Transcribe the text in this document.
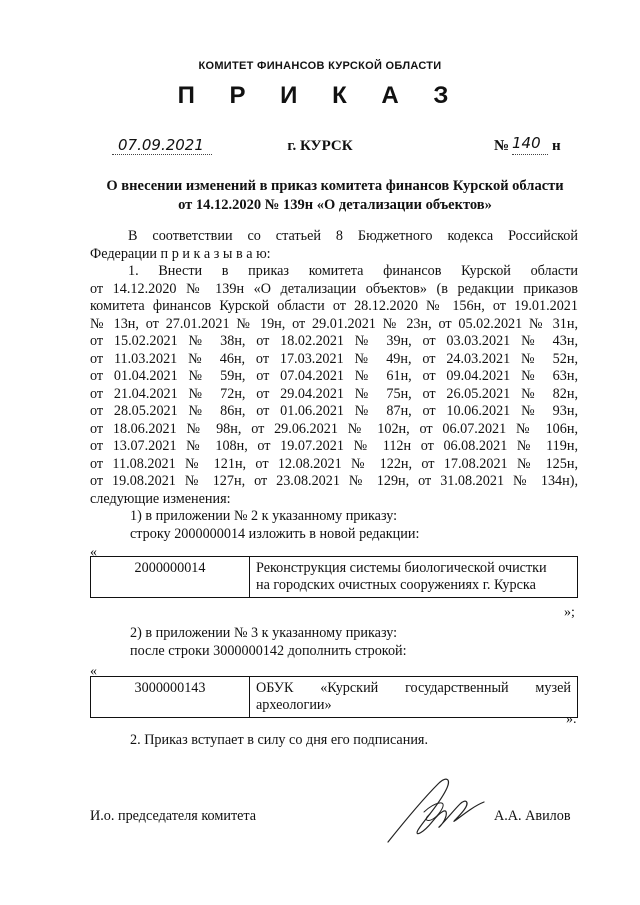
КОМИТЕТ ФИНАНСОВ КУРСКОЙ ОБЛАСТИ
П Р И К А З
07.09.2021	г. КУРСК	№ 140 н
О внесении изменений в приказ комитета финансов Курской области
от 14.12.2020 № 139н «О детализации объектов»

В соответствии со статьей 8 Бюджетного кодекса Российской

Федерации п р и к а з ы в а ю:

1. Внести в приказ комитета финансов Курской области

от 14.12.2020 № 139н «О детализации объектов» (в редакции приказов

комитета финансов Курской области от 28.12.2020 № 156н, от 19.01.2021

№ 13н, от 27.01.2021 № 19н, от 29.01.2021 № 23н, от 05.02.2021 № 31н,

от 15.02.2021 № 38н, от 18.02.2021 № 39н, от 03.03.2021 № 43н,

от 11.03.2021 № 46н, от 17.03.2021 № 49н, от 24.03.2021 № 52н,

от 01.04.2021 № 59н, от 07.04.2021 № 61н, от 09.04.2021 № 63н,

от 21.04.2021 № 72н, от 29.04.2021 № 75н, от 26.05.2021 № 82н,

от 28.05.2021 № 86н, от 01.06.2021 № 87н, от 10.06.2021 № 93н,

от 18.06.2021 № 98н, от 29.06.2021 № 102н, от 06.07.2021 № 106н,

от 13.07.2021 № 108н, от 19.07.2021 № 112н от 06.08.2021 № 119н,

от 11.08.2021 № 121н, от 12.08.2021 № 122н, от 17.08.2021 № 125н,

от 19.08.2021 № 127н, от 23.08.2021 № 129н, от 31.08.2021 № 134н),

следующие изменения:

1) в приложении № 2 к указанному приказу:

строку 2000000014 изложить в новой редакции:

«
2000000014	Реконструкция системы биологической очистки
на городских очистных сооружениях г. Курска
»;
2) в приложении № 3 к указанному приказу:
после строки 3000000142 дополнить строкой:
«
3000000143	ОБУК «Курский государственный музей
археологии»
».
2. Приказ вступает в силу со дня его подписания.
И.о. председателя комитета	А.А. Авилов
